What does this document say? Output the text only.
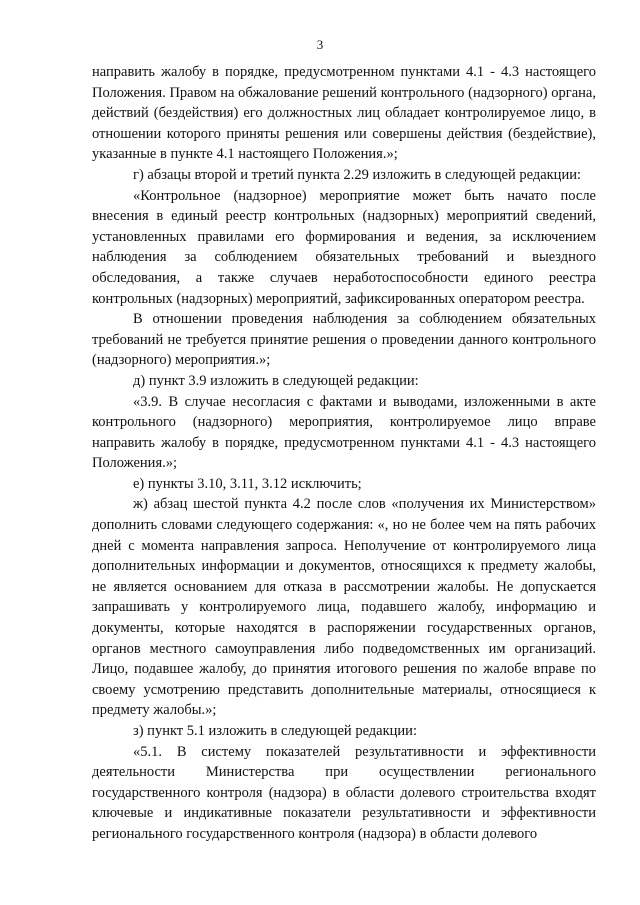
3

направить жалобу в порядке, предусмотренном пунктами 4.1 - 4.3 настоящего Положения. Правом на обжалование решений контрольного (надзорного) органа, действий (бездействия) его должностных лиц обладает контролируемое лицо, в отношении которого приняты решения или совершены действия (бездействие), указанные в пункте 4.1 настоящего Положения.»;

г) абзацы второй и третий пункта 2.29 изложить в следующей редакции:

«Контрольное (надзорное) мероприятие может быть начато после внесения в единый реестр контрольных (надзорных) мероприятий сведений, установленных правилами его формирования и ведения, за исключением наблюдения за соблюдением обязательных требований и выездного обследования, а также случаев неработоспособности единого реестра контрольных (надзорных) мероприятий, зафиксированных оператором реестра.

В отношении проведения наблюдения за соблюдением обязательных требований не требуется принятие решения о проведении данного контрольного (надзорного) мероприятия.»;

д) пункт 3.9 изложить в следующей редакции:

«3.9. В случае несогласия с фактами и выводами, изложенными в акте контрольного (надзорного) мероприятия, контролируемое лицо вправе направить жалобу в порядке, предусмотренном пунктами 4.1 - 4.3 настоящего Положения.»;

е) пункты 3.10, 3.11, 3.12 исключить;

ж) абзац шестой пункта 4.2 после слов «получения их Министерством» дополнить словами следующего содержания: «, но не более чем на пять рабочих дней с момента направления запроса. Неполучение от контролируемого лица дополнительных информации и документов, относящихся к предмету жалобы, не является основанием для отказа в рассмотрении жалобы. Не допускается запрашивать у контролируемого лица, подавшего жалобу, информацию и документы, которые находятся в распоряжении государственных органов, органов местного самоуправления либо подведомственных им организаций. Лицо, подавшее жалобу, до принятия итогового решения по жалобе вправе по своему усмотрению представить дополнительные материалы, относящиеся к предмету жалобы.»;

з) пункт 5.1 изложить в следующей редакции:

«5.1. В систему показателей результативности и эффективности деятельности Министерства при осуществлении регионального государственного контроля (надзора) в области долевого строительства входят ключевые и индикативные показатели результативности и эффективности регионального государственного контроля (надзора) в области долевого
